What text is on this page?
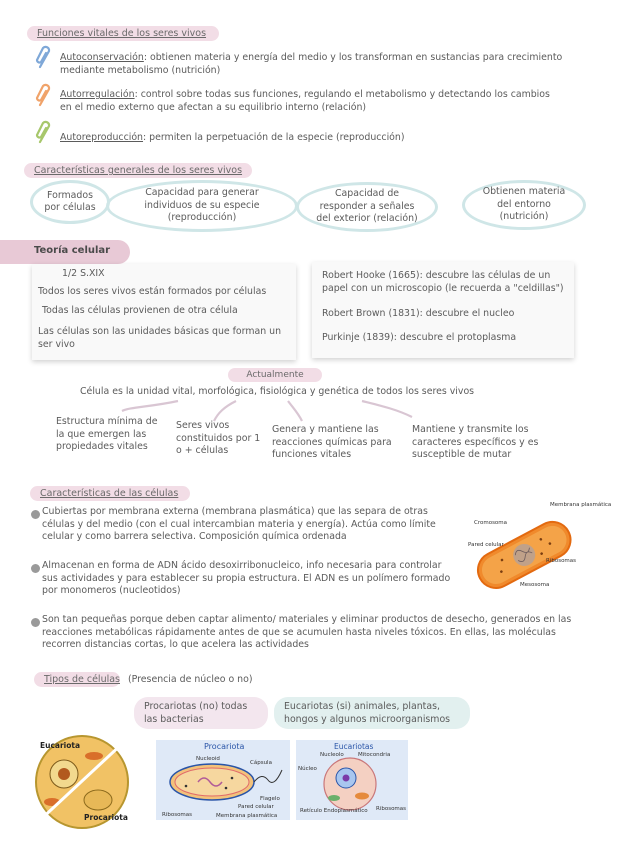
Funciones vitales de los seres vivos
Autoconservación: obtienen materia y energía del medio y los transforman en sustancias para crecimiento
mediante metabolismo (nutrición)
Autorregulación: control sobre todas sus funciones, regulando el metabolismo y detectando los cambios
en el medio externo que afectan a su equilibrio interno (relación)
Autoreproducción: permiten la perpetuación de la especie (reproducción)
Características generales de los seres vivos
Formados por células
Capacidad para generar individuos de su especie (reproducción)
Capacidad de responder a señales del exterior (relación)
Obtienen materia del entorno (nutrición)
Teoría celular
1/2 S.XIX
Todos los seres vivos están formados por células
Todas las células provienen de otra célula
Las células son las unidades básicas que forman un ser vivo
Robert Hooke (1665): descubre las células de un papel con un microscopio (le recuerda a "celdillas")
Robert Brown (1831): descubre el nucleo
Purkinje (1839): descubre el protoplasma
Actualmente
Célula es la unidad vital, morfológica, fisiológica y genética de todos los seres vivos
Estructura mínima de la que emergen las propiedades vitales
Seres vivos constituidos por 1 o + células
Genera y mantiene las reacciones químicas para funciones vitales
Mantiene y transmite los caracteres específicos y es susceptible de mutar
Características de las células
Cubiertas por membrana externa (membrana plasmática) que las separa de otras células y del medio (con el cual intercambian materia y energía). Actúa como límite celular y como barrera selectiva. Composición química ordenada
Almacenan en forma de ADN ácido desoxirribonucleico, info necesaria para controlar sus actividades y para establecer su propia estructura. El ADN es un polímero formado por monomeros (nucleotidos)
Son tan pequeñas porque deben captar alimento/ materiales y eliminar productos de desecho, generados en las reacciones metabólicas rápidamente antes de que se acumulen hasta niveles tóxicos. En ellas, las moléculas recorren distancias cortas, lo que acelera las actividades
Membrana plasmática
Cromosoma
Pared celular
Ribosomas
Mesosoma
Tipos de células (Presencia de núcleo o no)
Procariotas (no) todas las bacterias
Eucariotas (si) animales, plantas, hongos y algunos microorganismos
Eucariota
Procariota
Procariota
Nucleoid
Cápsula
Flagelo
Pared celular
Ribosomas	Membrana plasmática
Eucariotas
Nucleolo	Mitocondria
Núcleo
Retículo Endoplasmático Ribosomas
